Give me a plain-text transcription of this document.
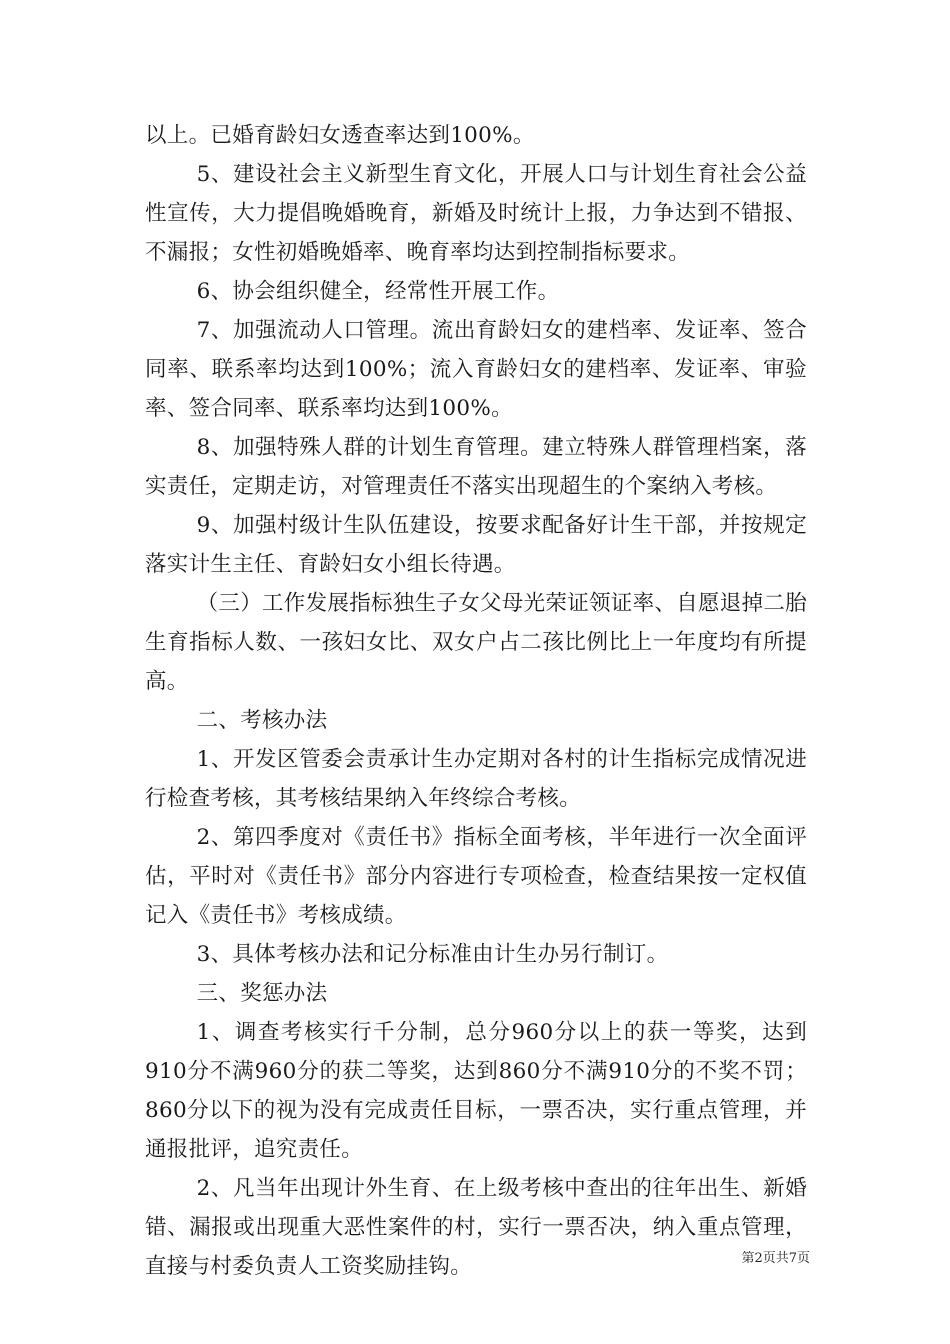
以上。已婚育龄妇女透查率达到100%。

5、建设社会主义新型生育文化，开展人口与计划生育社会公益性宣传，大力提倡晚婚晚育，新婚及时统计上报，力争达到不错报、不漏报；女性初婚晚婚率、晚育率均达到控制指标要求。

6、协会组织健全，经常性开展工作。

7、加强流动人口管理。流出育龄妇女的建档率、发证率、签合同率、联系率均达到100%；流入育龄妇女的建档率、发证率、审验率、签合同率、联系率均达到100%。

8、加强特殊人群的计划生育管理。建立特殊人群管理档案，落实责任，定期走访，对管理责任不落实出现超生的个案纳入考核。

9、加强村级计生队伍建设，按要求配备好计生干部，并按规定落实计生主任、育龄妇女小组长待遇。

（三）工作发展指标独生子女父母光荣证领证率、自愿退掉二胎生育指标人数、一孩妇女比、双女户占二孩比例比上一年度均有所提高。

二、考核办法

1、开发区管委会责承计生办定期对各村的计生指标完成情况进行检查考核，其考核结果纳入年终综合考核。

2、第四季度对《责任书》指标全面考核，半年进行一次全面评估，平时对《责任书》部分内容进行专项检查，检查结果按一定权值记入《责任书》考核成绩。

3、具体考核办法和记分标准由计生办另行制订。

三、奖惩办法

1、调查考核实行千分制，总分960分以上的获一等奖，达到910分不满960分的获二等奖，达到860分不满910分的不奖不罚；860分以下的视为没有完成责任目标，一票否决，实行重点管理，并通报批评，追究责任。

2、凡当年出现计外生育、在上级考核中查出的往年出生、新婚错、漏报或出现重大恶性案件的村，实行一票否决，纳入重点管理，直接与村委负责人工资奖励挂钩。	第2页共7页
